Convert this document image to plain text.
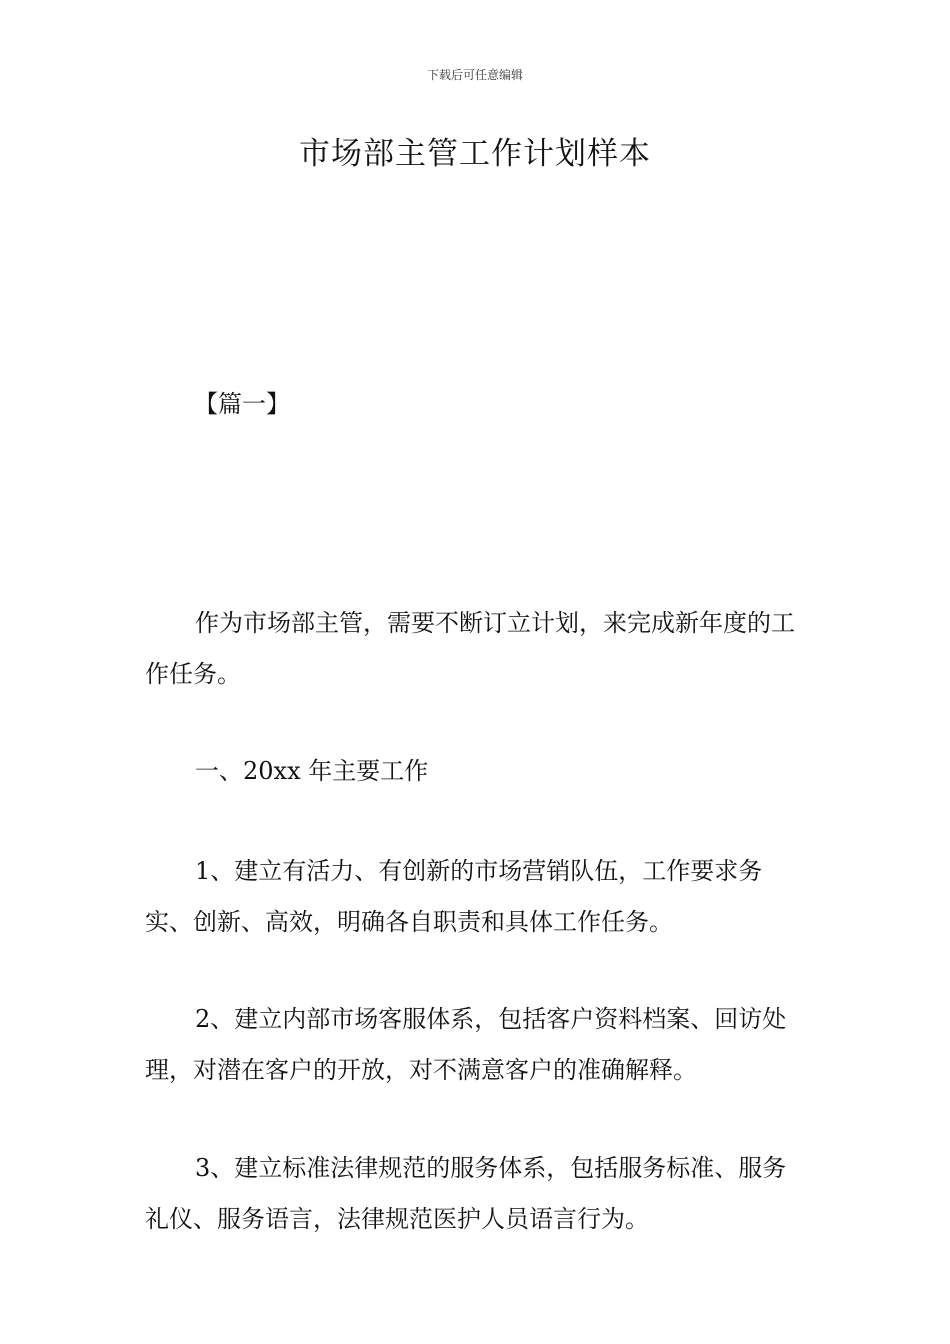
下载后可任意编辑
市场部主管工作计划样本
【篇一】

作为市场部主管，需要不断订立计划，来完成新年度的工作任务。

一、20xx 年主要工作

1、建立有活力、有创新的市场营销队伍，工作要求务实、创新、高效，明确各自职责和具体工作任务。

2、建立内部市场客服体系，包括客户资料档案、回访处理，对潜在客户的开放，对不满意客户的准确解释。

3、建立标准法律规范的服务体系，包括服务标准、服务礼仪、服务语言，法律规范医护人员语言行为。
